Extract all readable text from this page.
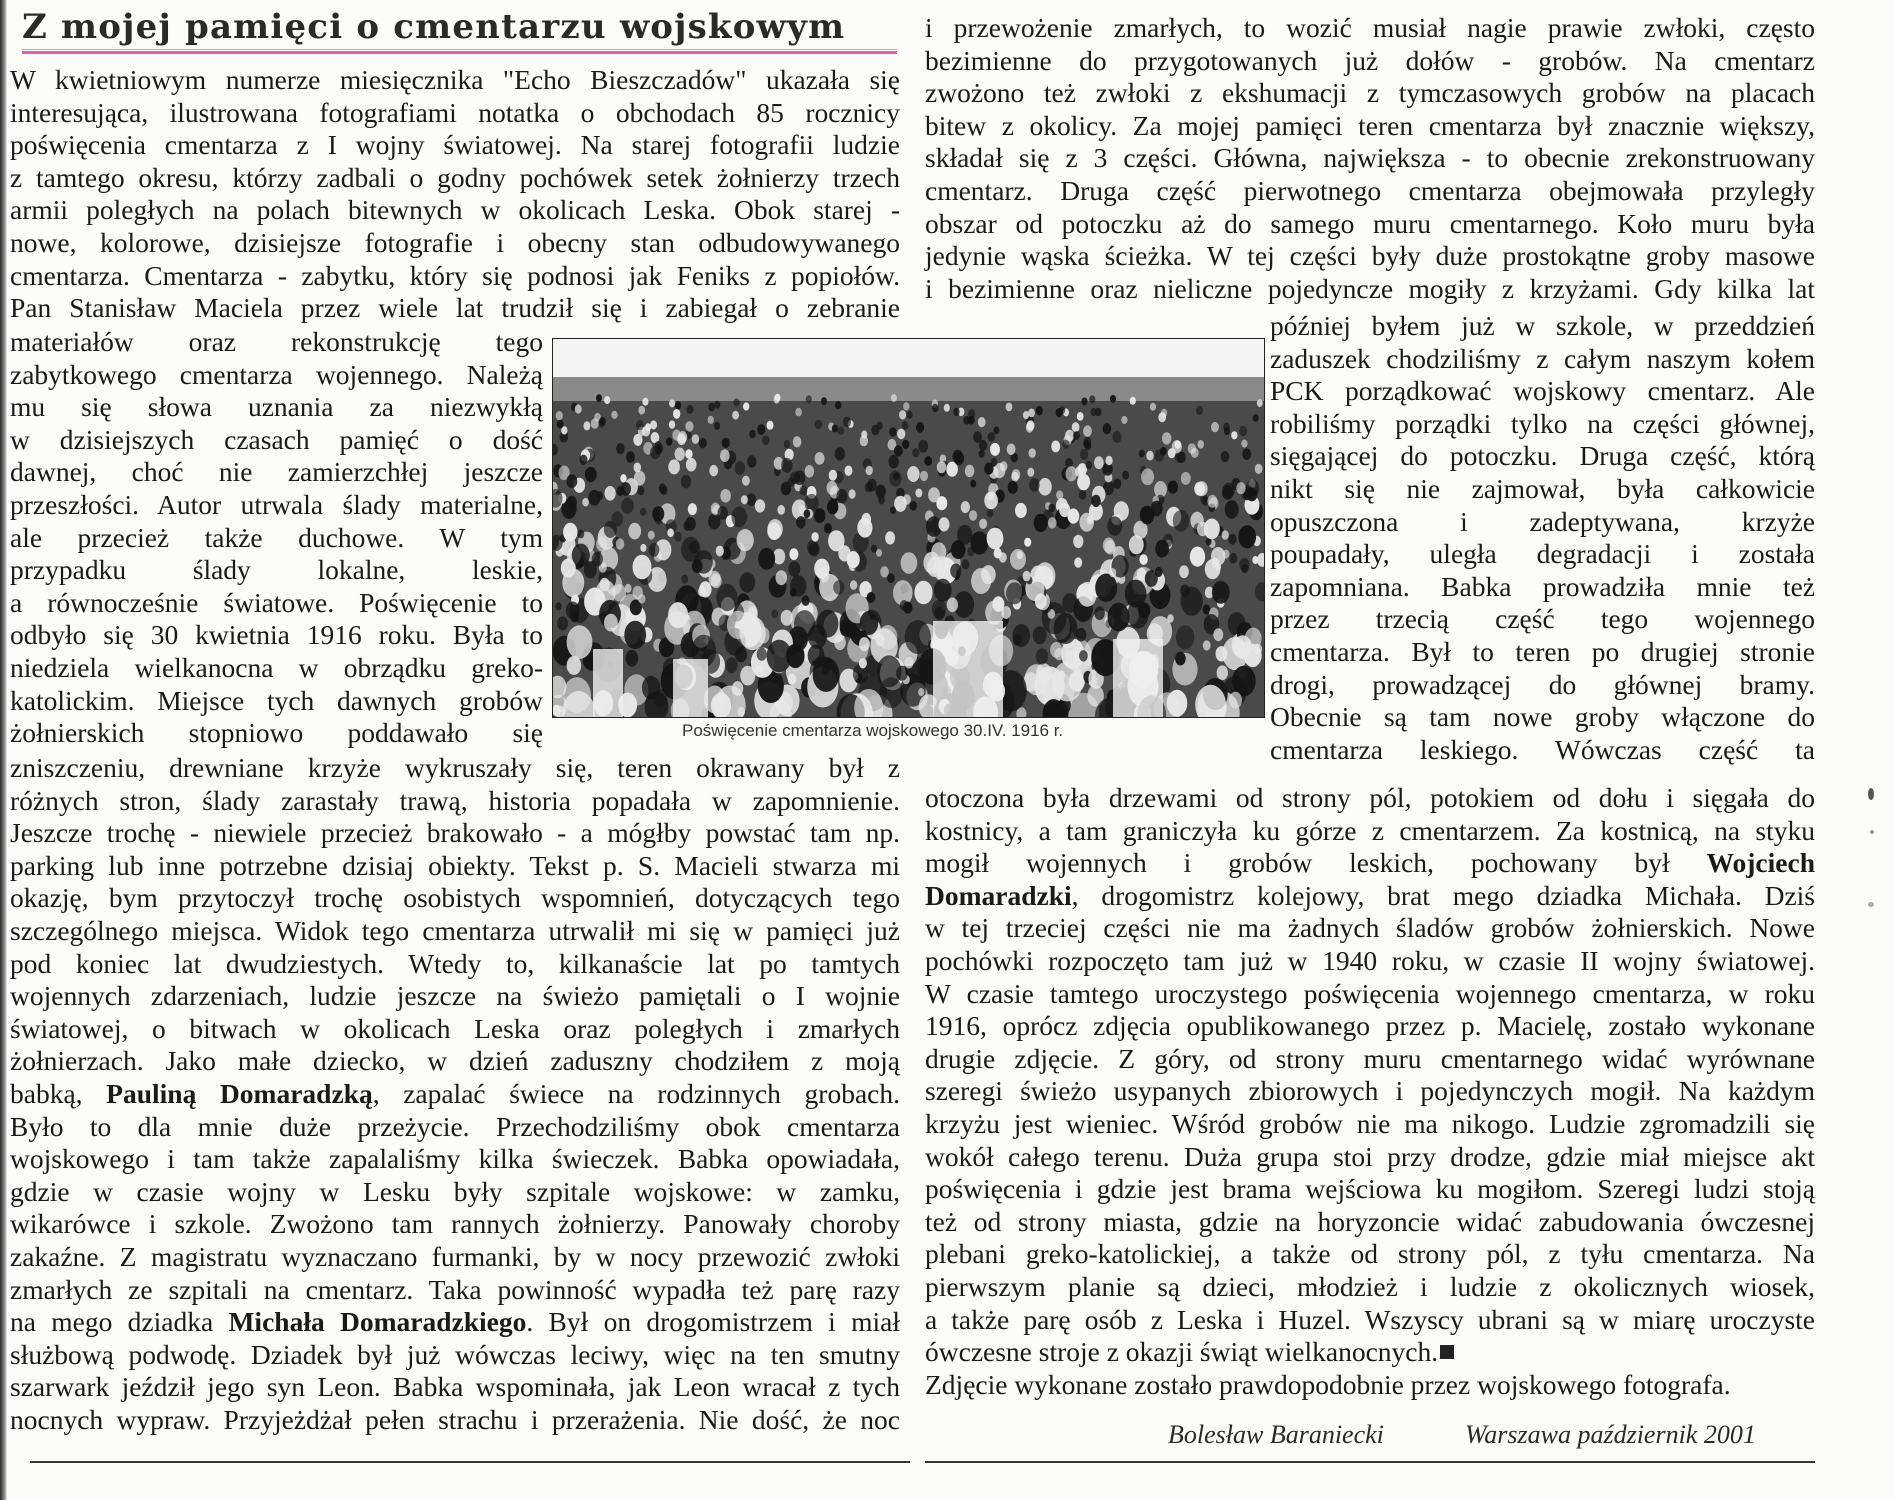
Z mojej pamięci o cmentarzu wojskowym
W kwietniowym numerze miesięcznika "Echo Bieszczadów" ukazała się
interesująca, ilustrowana fotografiami notatka o obchodach 85 rocznicy
poświęcenia cmentarza z I wojny światowej. Na starej fotografii ludzie
z tamtego okresu, którzy zadbali o godny pochówek setek żołnierzy trzech
armii poległych na polach bitewnych w okolicach Leska. Obok starej -
nowe, kolorowe, dzisiejsze fotografie i obecny stan odbudowywanego
cmentarza. Cmentarza - zabytku, który się podnosi jak Feniks z popiołów.
Pan Stanisław Maciela przez wiele lat trudził się i zabiegał o zebranie
materiałów oraz rekonstrukcję tego
zabytkowego cmentarza wojennego. Należą
mu się słowa uznania za niezwykłą
w dzisiejszych czasach pamięć o dość
dawnej, choć nie zamierzchłej jeszcze
przeszłości. Autor utrwala ślady materialne,
ale przecież także duchowe. W tym
przypadku ślady lokalne, leskie,
a równocześnie światowe. Poświęcenie to
odbyło się 30 kwietnia 1916 roku. Była to
niedziela wielkanocna w obrządku greko-
katolickim. Miejsce tych dawnych grobów
żołnierskich stopniowo poddawało się
zniszczeniu, drewniane krzyże wykruszały się, teren okrawany był z
różnych stron, ślady zarastały trawą, historia popadała w zapomnienie.
Jeszcze trochę - niewiele przecież brakowało - a mógłby powstać tam np.
parking lub inne potrzebne dzisiaj obiekty. Tekst p. S. Macieli stwarza mi
okazję, bym przytoczył trochę osobistych wspomnień, dotyczących tego
szczególnego miejsca. Widok tego cmentarza utrwalił mi się w pamięci już
pod koniec lat dwudziestych. Wtedy to, kilkanaście lat po tamtych
wojennych zdarzeniach, ludzie jeszcze na świeżo pamiętali o I wojnie
światowej, o bitwach w okolicach Leska oraz poległych i zmarłych
żołnierzach. Jako małe dziecko, w dzień zaduszny chodziłem z moją
babką, Pauliną Domaradzką, zapalać świece na rodzinnych grobach.
Było to dla mnie duże przeżycie. Przechodziliśmy obok cmentarza
wojskowego i tam także zapalaliśmy kilka świeczek. Babka opowiadała,
gdzie w czasie wojny w Lesku były szpitale wojskowe: w zamku,
wikarówce i szkole. Zwożono tam rannych żołnierzy. Panowały choroby
zakaźne. Z magistratu wyznaczano furmanki, by w nocy przewozić zwłoki
zmarłych ze szpitali na cmentarz. Taka powinność wypadła też parę razy
na mego dziadka Michała Domaradzkiego. Był on drogomistrzem i miał
służbową podwodę. Dziadek był już wówczas leciwy, więc na ten smutny
szarwark jeździł jego syn Leon. Babka wspominała, jak Leon wracał z tych
nocnych wypraw. Przyjeżdżał pełen strachu i przerażenia. Nie dość, że noc
i przewożenie zmarłych, to wozić musiał nagie prawie zwłoki, często
bezimienne do przygotowanych już dołów - grobów. Na cmentarz
zwożono też zwłoki z ekshumacji z tymczasowych grobów na placach
bitew z okolicy. Za mojej pamięci teren cmentarza był znacznie większy,
składał się z 3 części. Główna, największa - to obecnie zrekonstruowany
cmentarz. Druga część pierwotnego cmentarza obejmowała przyległy
obszar od potoczku aż do samego muru cmentarnego. Koło muru była
jedynie wąska ścieżka. W tej części były duże prostokątne groby masowe
i bezimienne oraz nieliczne pojedyncze mogiły z krzyżami. Gdy kilka lat
później byłem już w szkole, w przeddzień
zaduszek chodziliśmy z całym naszym kołem
PCK porządkować wojskowy cmentarz. Ale
robiliśmy porządki tylko na części głównej,
sięgającej do potoczku. Druga część, którą
nikt się nie zajmował, była całkowicie
opuszczona i zadeptywana, krzyże
poupadały, uległa degradacji i została
zapomniana. Babka prowadziła mnie też
przez trzecią część tego wojennego
cmentarza. Był to teren po drugiej stronie
drogi, prowadzącej do głównej bramy.
Obecnie są tam nowe groby włączone do
cmentarza leskiego. Wówczas część ta
otoczona była drzewami od strony pól, potokiem od dołu i sięgała do
kostnicy, a tam graniczyła ku górze z cmentarzem. Za kostnicą, na styku
mogił wojennych i grobów leskich, pochowany był Wojciech
Domaradzki, drogomistrz kolejowy, brat mego dziadka Michała. Dziś
w tej trzeciej części nie ma żadnych śladów grobów żołnierskich. Nowe
pochówki rozpoczęto tam już w 1940 roku, w czasie II wojny światowej.
W czasie tamtego uroczystego poświęcenia wojennego cmentarza, w roku
1916, oprócz zdjęcia opublikowanego przez p. Macielę, zostało wykonane
drugie zdjęcie. Z góry, od strony muru cmentarnego widać wyrównane
szeregi świeżo usypanych zbiorowych i pojedynczych mogił. Na każdym
krzyżu jest wieniec. Wśród grobów nie ma nikogo. Ludzie zgromadzili się
wokół całego terenu. Duża grupa stoi przy drodze, gdzie miał miejsce akt
poświęcenia i gdzie jest brama wejściowa ku mogiłom. Szeregi ludzi stoją
też od strony miasta, gdzie na horyzoncie widać zabudowania ówczesnej
plebani greko-katolickiej, a także od strony pól, z tyłu cmentarza. Na
pierwszym planie są dzieci, młodzież i ludzie z okolicznych wiosek,
a także parę osób z Leska i Huzel. Wszyscy ubrani są w miarę uroczyste
ówczesne stroje z okazji świąt wielkanocnych.
Zdjęcie wykonane zostało prawdopodobnie przez wojskowego fotografa.
Poświęcenie cmentarza wojskowego 30.IV. 1916 r.
Bolesław Baraniecki	Warszawa październik 2001
